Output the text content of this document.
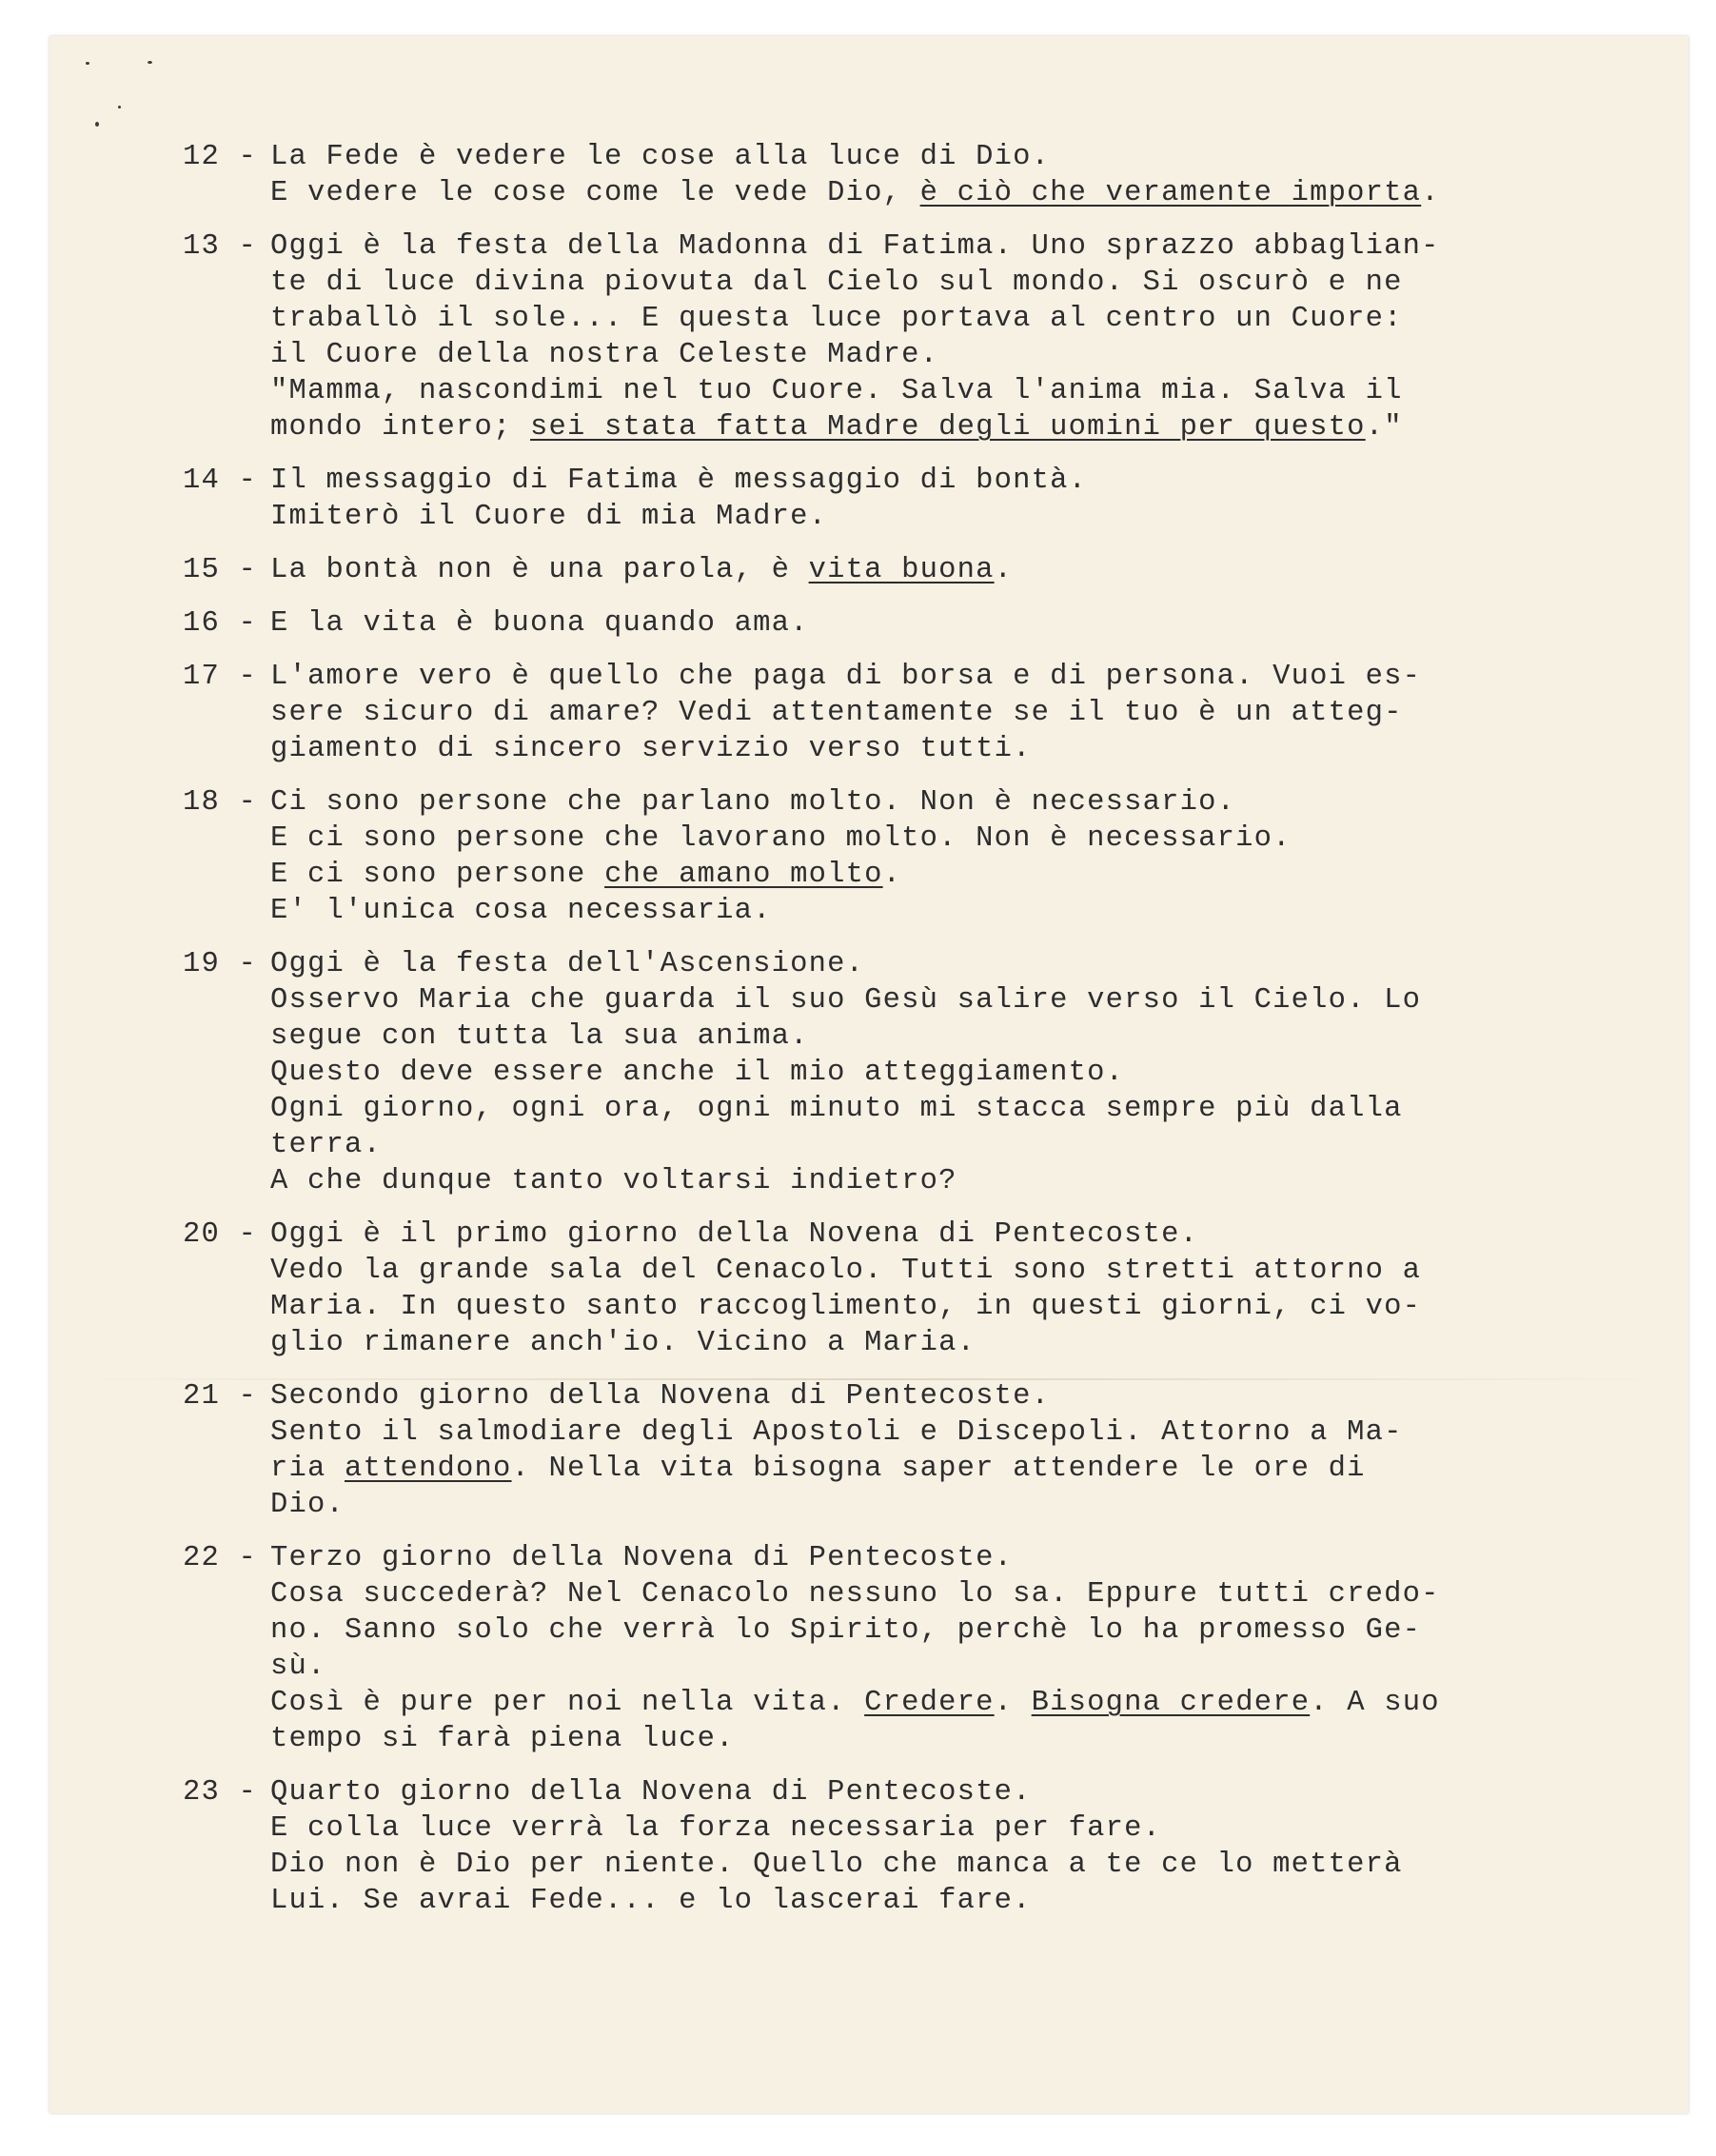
12 - La Fede è vedere le cose alla luce di Dio.
E vedere le cose come le vede Dio, è ciò che veramente importa.
13 - Oggi è la festa della Madonna di Fatima. Uno sprazzo abbaglian-
te di luce divina piovuta dal Cielo sul mondo. Si oscurò e ne
traballò il sole... E questa luce portava al centro un Cuore:
il Cuore della nostra Celeste Madre.
"Mamma, nascondimi nel tuo Cuore. Salva l'anima mia. Salva il
mondo intero; sei stata fatta Madre degli uomini per questo."
14 - Il messaggio di Fatima è messaggio di bontà.
Imiterò il Cuore di mia Madre.
15 - La bontà non è una parola, è vita buona.
16 - E la vita è buona quando ama.
17 - L'amore vero è quello che paga di borsa e di persona. Vuoi es-
sere sicuro di amare? Vedi attentamente se il tuo è un atteg-
giamento di sincero servizio verso tutti.
18 - Ci sono persone che parlano molto. Non è necessario.
E ci sono persone che lavorano molto. Non è necessario.
E ci sono persone che amano molto.
E' l'unica cosa necessaria.
19 - Oggi è la festa dell'Ascensione.
Osservo Maria che guarda il suo Gesù salire verso il Cielo. Lo
segue con tutta la sua anima.
Questo deve essere anche il mio atteggiamento.
Ogni giorno, ogni ora, ogni minuto mi stacca sempre più dalla
terra.
A che dunque tanto voltarsi indietro?
20 - Oggi è il primo giorno della Novena di Pentecoste.
Vedo la grande sala del Cenacolo. Tutti sono stretti attorno a
Maria. In questo santo raccoglimento, in questi giorni, ci vo-
glio rimanere anch'io. Vicino a Maria.
21 - Secondo giorno della Novena di Pentecoste.
Sento il salmodiare degli Apostoli e Discepoli. Attorno a Ma-
ria attendono. Nella vita bisogna saper attendere le ore di
Dio.
22 - Terzo giorno della Novena di Pentecoste.
Cosa succederà? Nel Cenacolo nessuno lo sa. Eppure tutti credo-
no. Sanno solo che verrà lo Spirito, perchè lo ha promesso Ge-
sù.
Così è pure per noi nella vita. Credere. Bisogna credere. A suo
tempo si farà piena luce.
23 - Quarto giorno della Novena di Pentecoste.
E colla luce verrà la forza necessaria per fare.
Dio non è Dio per niente. Quello che manca a te ce lo metterà
Lui. Se avrai Fede... e lo lascerai fare.
